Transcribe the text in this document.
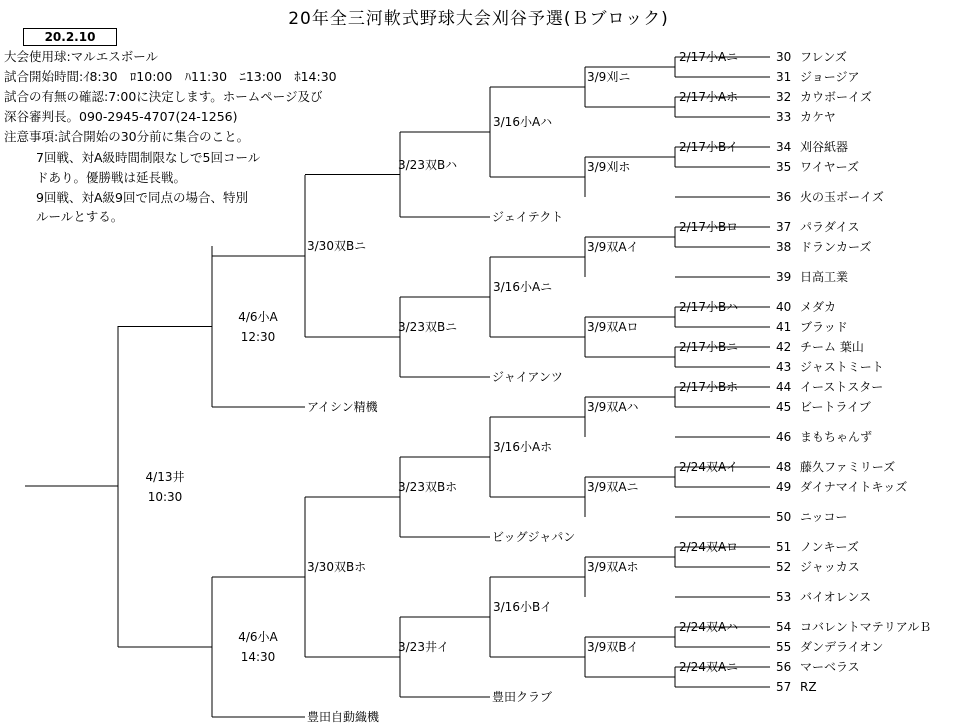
20年全三河軟式野球大会刈谷予選(Ｂブロック)
20.2.10
大会使用球:マルエスボール
試合開始時間:ｲ8:30　ﾛ10:00　ﾊ11:30　ﾆ13:00　ﾎ14:30
試合の有無の確認:7:00に決定します。ホームページ及び
深谷審判長。090-2945-4707(24-1256)
注意事項:試合開始の30分前に集合のこと。
7回戦、対A級時間制限なしで5回コール
ドあり。優勝戦は延長戦。
9回戦、対A級9回で同点の場合、特別
ルールとする。
30 フレンズ
31 ジョージア
32 カウボーイズ
33 カケヤ
34 刈谷紙器
35 ワイヤーズ
36 火の玉ボーイズ
37 パラダイス
38 ドランカーズ
39 日高工業
40 メダカ
41 ブラッド
42 チーム 葉山
43 ジャストミート
44 イーストスター
45 ビートライブ
46 まもちゃんず
48 藤久ファミリーズ
49 ダイナマイトキッズ
50 ニッコー
51 ノンキーズ
52 ジャッカス
53 バイオレンス
54 コバレントマテリアルＢ
55 ダンデライオン
56 マーベラス
57 RZ
2/17小Aニ
2/17小Aホ
2/17小Bイ
2/17小Bロ
2/17小Bハ
2/17小Bニ
2/17小Bホ
2/24双Aイ
2/24双Aロ
2/24双Aハ
2/24双Aニ
3/9刈ニ
3/9刈ホ
3/9双Aイ
3/9双Aロ
3/9双Aハ
3/9双Aニ
3/9双Aホ
3/9双Bイ
3/16小Aハ
3/16小Aニ
3/16小Aホ
3/16小Bイ
ジェイテクト
ジャイアンツ
ビッグジャパン
豊田クラブ
3/23双Bハ
3/23双Bニ
3/23双Bホ
3/23井イ
3/30双Bニ
3/30双Bホ
アイシン精機
豊田自動織機
4/6小A
12:30
4/6小A
14:30
4/13井
10:30
